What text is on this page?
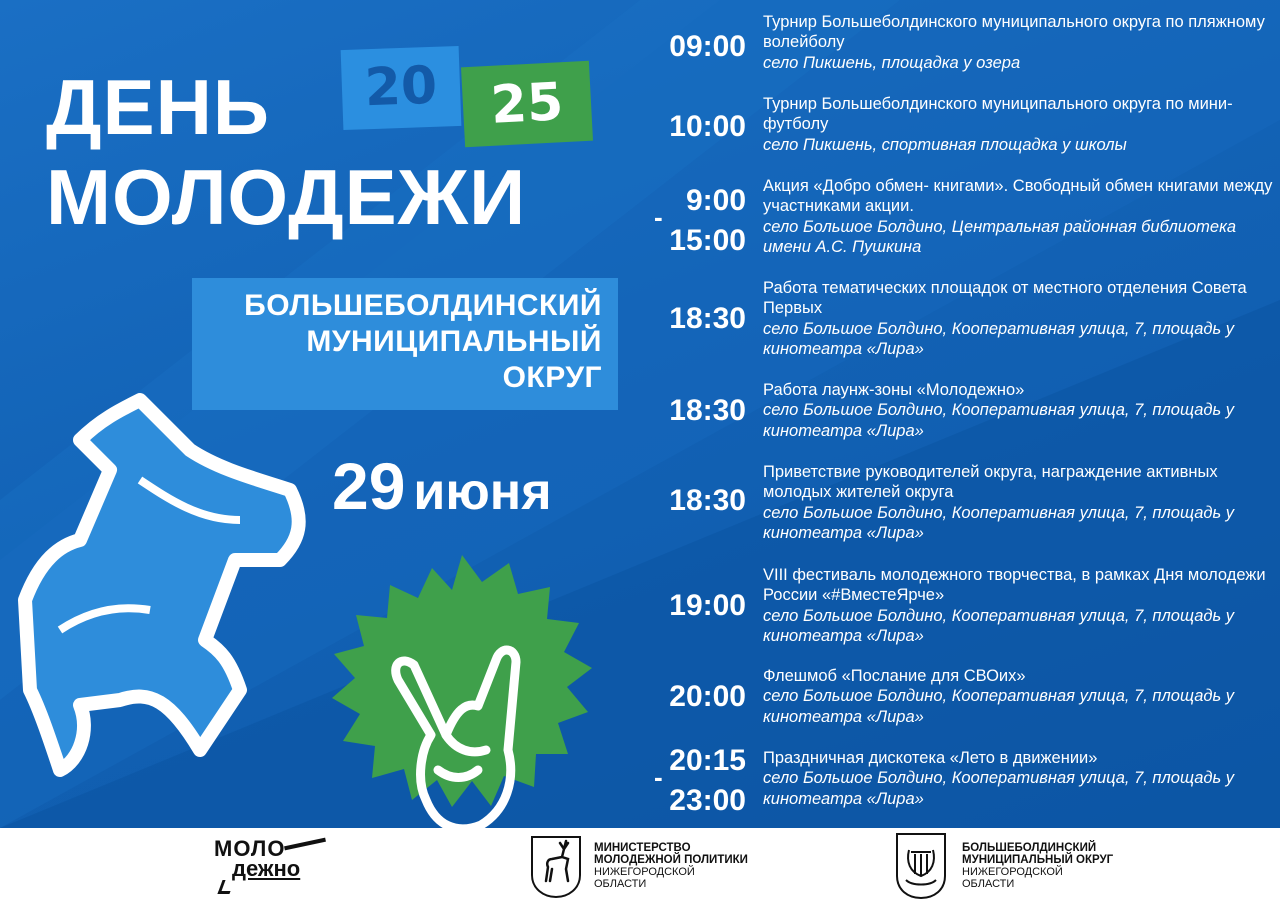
ДЕНЬ
МОЛОДЕЖИ
20 25
БОЛЬШЕБОЛДИНСКИЙ
МУНИЦИПАЛЬНЫЙ
ОКРУГ
29 июня
09:00
Турнир Большеболдинского муниципального округа по пляжному волейболу
село Пикшень, площадка у озера
10:00
Турнир Большеболдинского муниципального округа по мини-футболу
село Пикшень, спортивная площадка у школы
9:00
-
15:00
Акция «Добро обмен- книгами». Свободный обмен книгами между участниками акции.
село Большое Болдино, Центральная районная библиотека имени А.С. Пушкина
18:30
Работа тематических площадок от местного отделения Совета Первых
село Большое Болдино, Кооперативная улица, 7, площадь у кинотеатра «Лира»
18:30
Работа лаунж-зоны «Молодежно»
село Большое Болдино, Кооперативная улица, 7, площадь у кинотеатра «Лира»
18:30
Приветствие руководителей округа, награждение активных молодых жителей округа
село Большое Болдино, Кооперативная улица, 7, площадь у кинотеатра «Лира»
19:00
VIII фестиваль молодежного творчества, в рамках Дня молодежи России «#ВместеЯрче»
село Большое Болдино, Кооперативная улица, 7, площадь у кинотеатра «Лира»
20:00
Флешмоб «Послание для СВОих»
село Большое Болдино, Кооперативная улица, 7, площадь у кинотеатра «Лира»
20:15
-
23:00
Праздничная дискотека «Лето в движении»
село Большое Болдино, Кооперативная улица, 7, площадь у кинотеатра «Лира»
МОЛО
дежно
МИНИСТЕРСТВО
МОЛОДЕЖНОЙ ПОЛИТИКИ
НИЖЕГОРОДСКОЙ
ОБЛАСТИ
БОЛЬШЕБОЛДИНСКИЙ
МУНИЦИПАЛЬНЫЙ ОКРУГ
НИЖЕГОРОДСКОЙ
ОБЛАСТИ
